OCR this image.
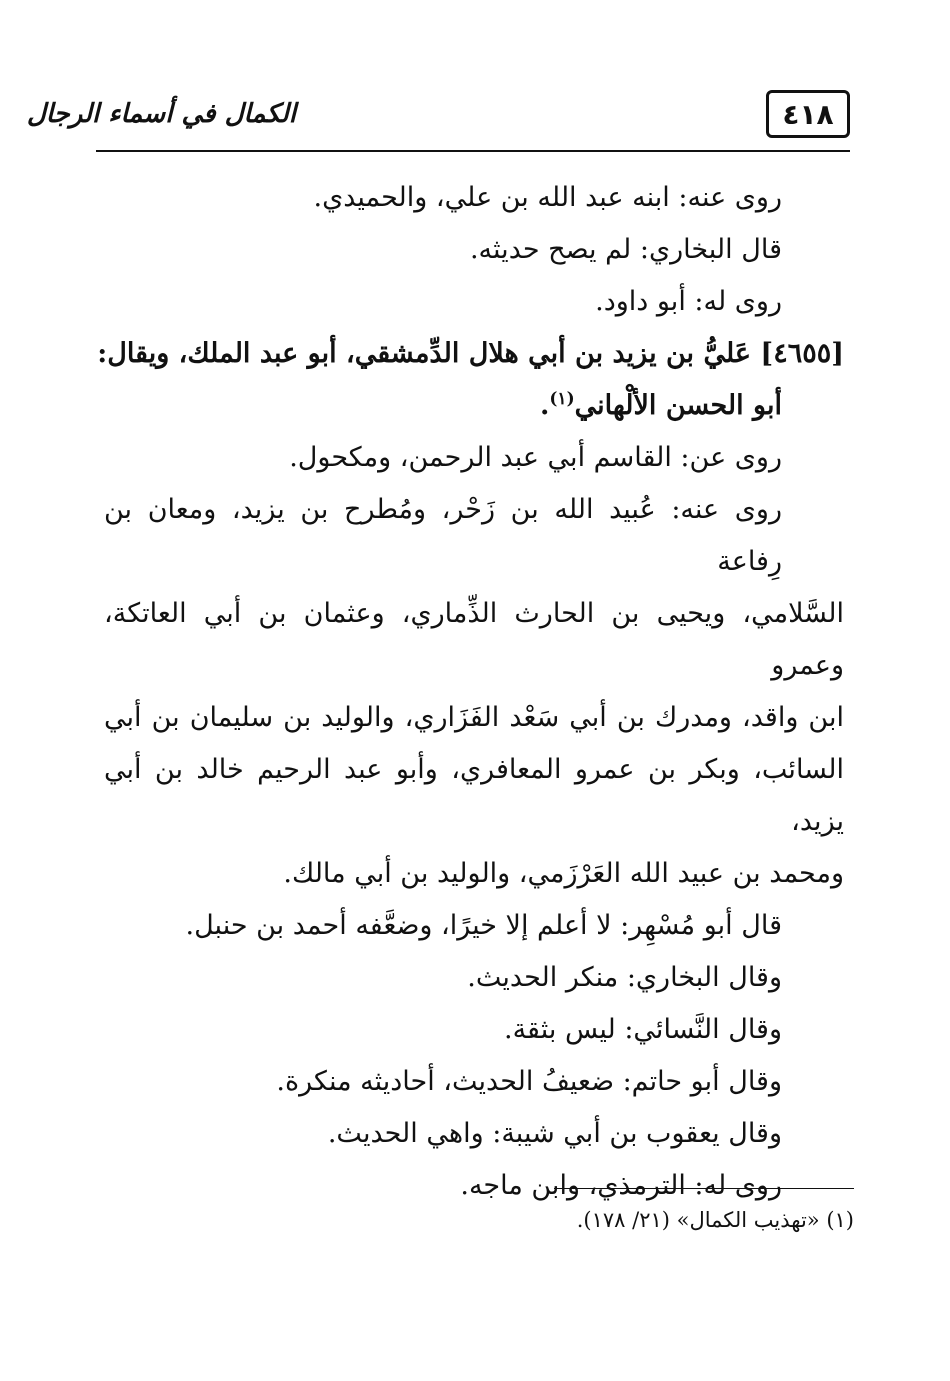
٤١٨
الكمال في أسماء الرجال
روى عنه: ابنه عبد الله بن علي، والحميدي.
قال البخاري: لم يصح حديثه.
روى له: أبو داود.
[٤٦٥٥] عَليُّ بن يزيد بن أبي هلال الدِّمشقي، أبو عبد الملك، ويقال:
أبو الحسن الألْهاني$^{(١)}$.
روى عن: القاسم أبي عبد الرحمن، ومكحول.
روى عنه: عُبيد الله بن زَحْر، ومُطرح بن يزيد، ومعان بن رِفاعة
السَّلامي، ويحيى بن الحارث الذِّماري، وعثمان بن أبي العاتكة، وعمرو
ابن واقد، ومدرك بن أبي سَعْد الفَزَاري، والوليد بن سليمان بن أبي
السائب، وبكر بن عمرو المعافري، وأبو عبد الرحيم خالد بن أبي يزيد،
ومحمد بن عبيد الله العَرْزَمي، والوليد بن أبي مالك.
قال أبو مُسْهِر: لا أعلم إلا خيرًا، وضعَّفه أحمد بن حنبل.
وقال البخاري: منكر الحديث.
وقال النَّسائي: ليس بثقة.
وقال أبو حاتم: ضعيفُ الحديث، أحاديثه منكرة.
وقال يعقوب بن أبي شيبة: واهي الحديث.
روى له: الترمذي، وابن ماجه.
(١) «تهذيب الكمال» (٢١/ ١٧٨).
